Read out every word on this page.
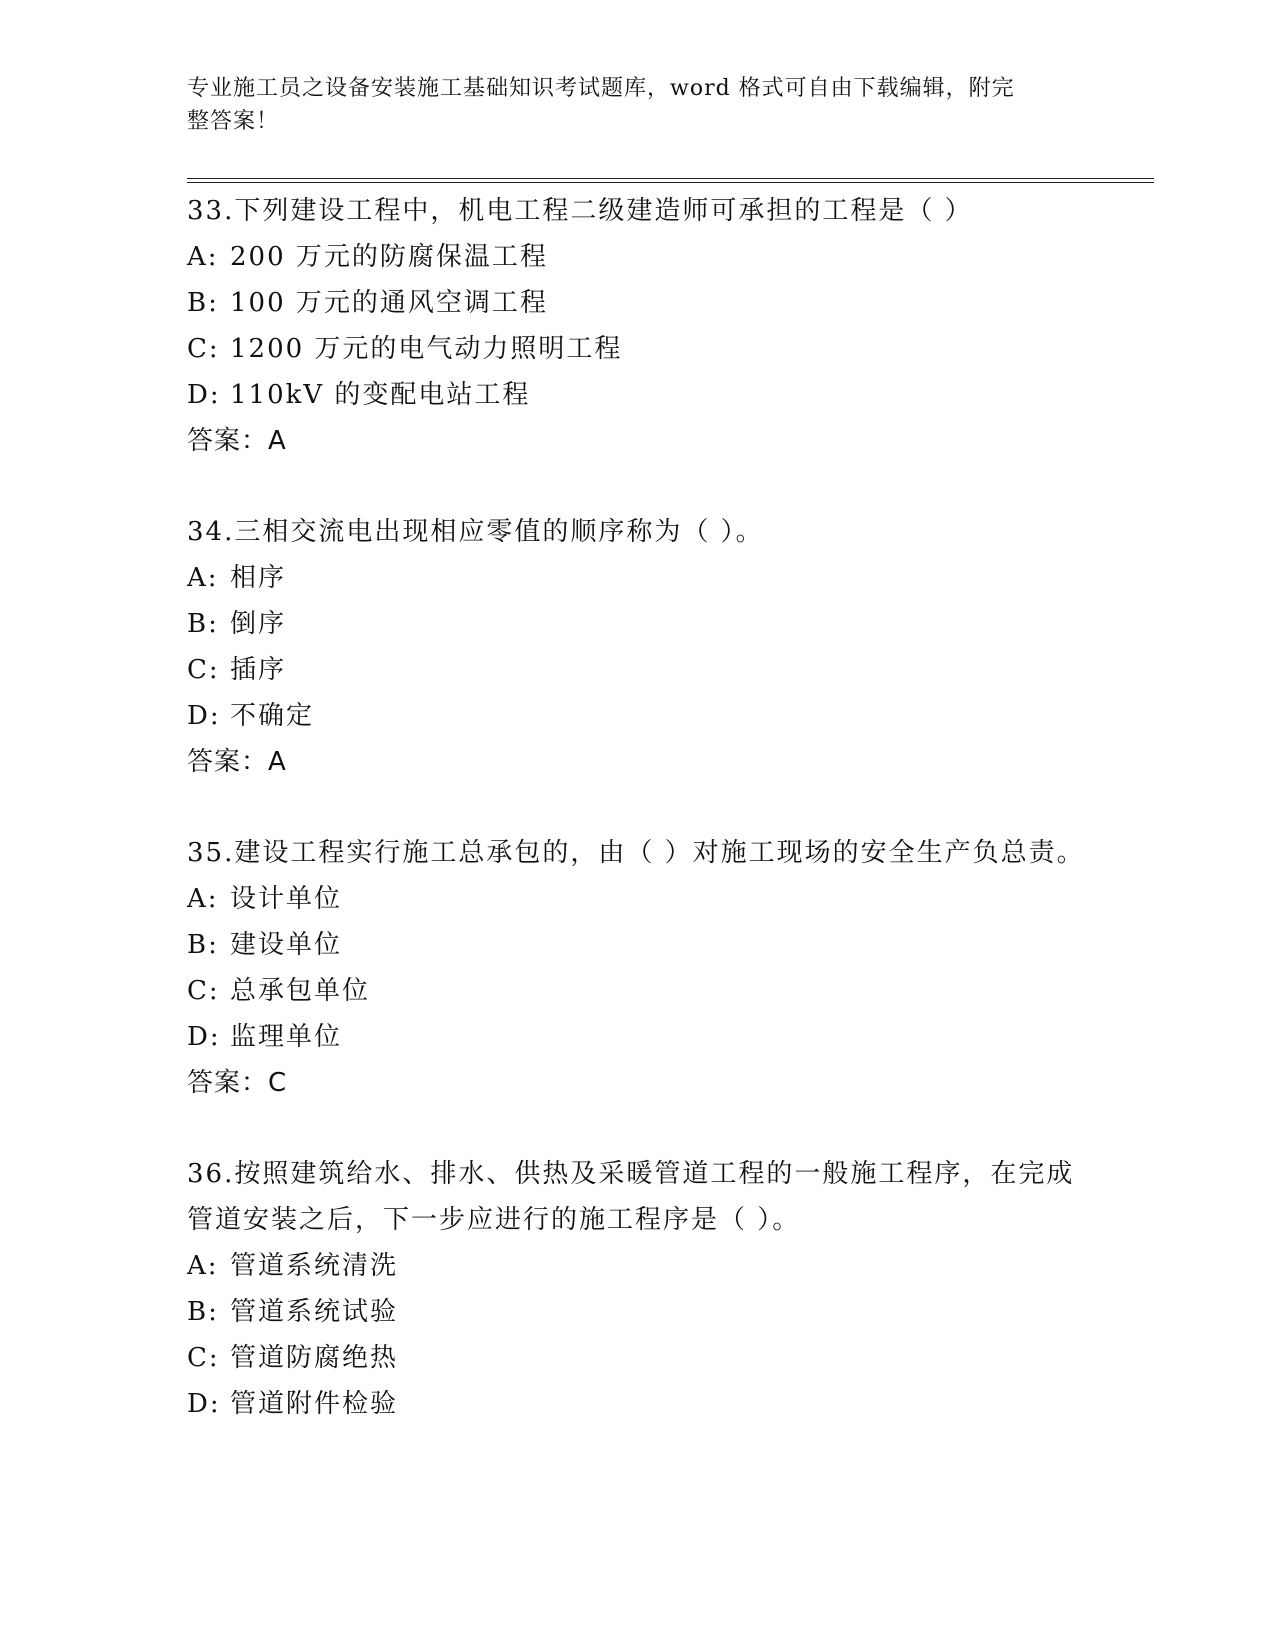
专业施工员之设备安装施工基础知识考试题库，word 格式可自由下载编辑，附完
整答案！
33.下列建设工程中，机电工程二级建造师可承担的工程是（ ）
A: 200 万元的防腐保温工程
B: 100 万元的通风空调工程
C: 1200 万元的电气动力照明工程
D: 110kV 的变配电站工程
答案：A
34.三相交流电出现相应零值的顺序称为（ ）。
A: 相序
B: 倒序
C: 插序
D: 不确定
答案：A
35.建设工程实行施工总承包的，由（ ）对施工现场的安全生产负总责。
A: 设计单位
B: 建设单位
C: 总承包单位
D: 监理单位
答案：C
36.按照建筑给水、排水、供热及采暖管道工程的一般施工程序，在完成管道安装之后，下一步应进行的施工程序是（ ）。
A: 管道系统清洗
B: 管道系统试验
C: 管道防腐绝热
D: 管道附件检验
